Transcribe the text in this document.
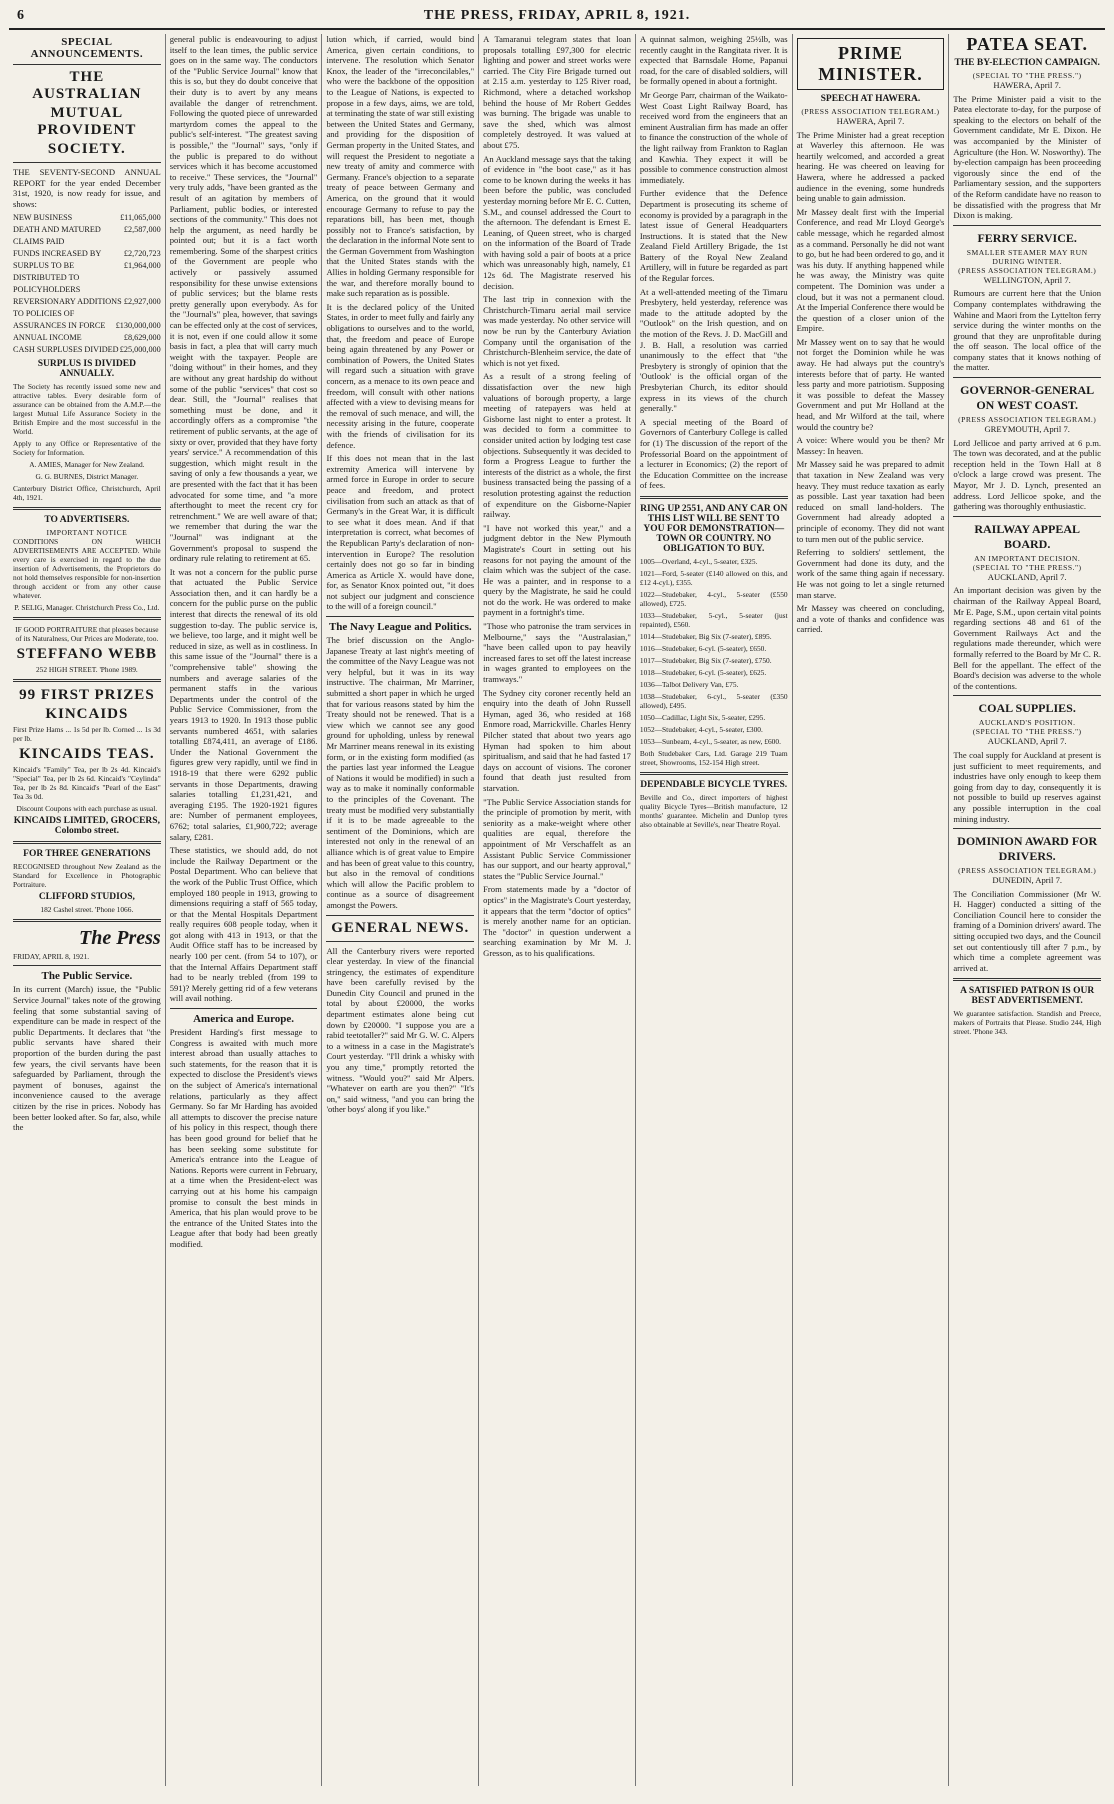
6	THE PRESS, FRIDAY, APRIL 8, 1921.
SPECIAL ANNOUNCEMENTS.
THE AUSTRALIAN
MUTUAL PROVIDENT
SOCIETY.

THE SEVENTY-SECOND ANNUAL REPORT for the year ended December 31st, 1920, is now ready for issue, and shows:

NEW BUSINESS	£11,065,000
DEATH AND MATURED CLAIMS PAID
£2,587,000
FUNDS INCREASED BY	£2,720,723
SURPLUS TO BE DISTRIBUTED TO POLICYHOLDERS
£1,964,000
REVERSIONARY ADDITIONS TO POLICIES OF
£2,927,000
ASSURANCES IN FORCE £130,000,000
ANNUAL INCOME	£8,629,000
CASH SURPLUSES DIVIDED £25,000,000
SURPLUS IS DIVIDED ANNUALLY.

The Society has recently issued some new and attractive tables. Every desirable form of assurance can be obtained from the A.M.P.—the largest Mutual Life Assurance Society in the British Empire and the most successful in the World.

Apply to any Office or Representative of the Society for Information.

A. AMIES, Manager for New Zealand.

G. G. BURNES, District Manager.

Canterbury District Office, Christchurch, April 4th, 1921.

TO ADVERTISERS.
IMPORTANT NOTICE

CONDITIONS ON WHICH ADVERTISEMENTS ARE ACCEPTED. While every care is exercised in regard to the due insertion of Advertisements, the Proprietors do not hold themselves responsible for non-insertion through accident or from any other cause whatever.

P. SELIG, Manager. Christchurch Press Co., Ltd.

IF GOOD PORTRAITURE that pleases because of its Naturalness, Our Prices are Moderate, too.

STEFFANO WEBB

252 HIGH STREET. 'Phone 1989.

99 FIRST PRIZES
KINCAIDS

First Prize Hams ... 1s 5d per lb. Corned ... 1s 3d per lb.

KINCAIDS TEAS.

Kincaid's "Family" Tea, per lb 2s 4d. Kincaid's "Special" Tea, per lb 2s 6d. Kincaid's "Ceylinda" Tea, per lb 2s 8d. Kincaid's "Pearl of the East" Tea 3s 0d.

Discount Coupons with each purchase as usual.

KINCAIDS LIMITED, GROCERS, Colombo street.
FOR THREE GENERATIONS

RECOGNISED throughout New Zealand as the Standard for Excellence in Photographic Portraiture.

CLIFFORD STUDIOS,

182 Cashel street. 'Phone 1066.

The Press

FRIDAY, APRIL 8, 1921.

The Public Service.

In its current (March) issue, the "Public Service Journal" takes note of the growing feeling that some substantial saving of expenditure can be made in respect of the public Departments. It declares that "the public servants have shared their proportion of the burden during the past few years, the civil servants have been safeguarded by Parliament, through the payment of bonuses, against the inconvenience caused to the average citizen by the rise in prices. Nobody has been better looked after. So far, also, while the

general public is endeavouring to adjust itself to the lean times, the public service goes on in the same way. The conductors of the "Public Service Journal" know that this is so, but they do doubt conceive that their duty is to avert by any means available the danger of retrenchment. Following the quoted piece of unrewarded martyrdom comes the appeal to the public's self-interest. "The greatest saving is possible," the "Journal" says, "only if the public is prepared to do without services which it has become accustomed to receive." These services, the "Journal" very truly adds, "have been granted as the result of an agitation by members of Parliament, public bodies, or interested sections of the community." This does not help the argument, as need hardly be pointed out; but it is a fact worth remembering. Some of the sharpest critics of the Government are people who actively or passively assumed responsibility for these unwise extensions of public services; but the blame rests pretty generally upon everybody. As for the "Journal's" plea, however, that savings can be effected only at the cost of services, it is not, even if one could allow it some basis in fact, a plea that will carry much weight with the taxpayer. People are "doing without" in their homes, and they are without any great hardship do without some of the public "services" that cost so dear. Still, the "Journal" realises that something must be done, and it accordingly offers as a compromise "the retirement of public servants, at the age of sixty or over, provided that they have forty years' service." A recommendation of this suggestion, which might result in the saving of only a few thousands a year, we are presented with the fact that it has been advocated for some time, and "a more afterthought to meet the recent cry for retrenchment." We are well aware of that; we remember that during the war the "Journal" was indignant at the Government's proposal to suspend the ordinary rule relating to retirement at 65.

It was not a concern for the public purse that actuated the Public Service Association then, and it can hardly be a concern for the public purse on the public interest that directs the renewal of its old suggestion to-day. The public service is, we believe, too large, and it might well be reduced in size, as well as in costliness. In this same issue of the "Journal" there is a "comprehensive table" showing the numbers and average salaries of the permanent staffs in the various Departments under the control of the Public Service Commissioner, from the years 1913 to 1920. In 1913 those public servants numbered 4651, with salaries totalling £874,411, an average of £186. Under the National Government the figures grew very rapidly, until we find in 1918-19 that there were 6292 public servants in those Departments, drawing salaries totalling £1,231,421, and averaging £195. The 1920-1921 figures are: Number of permanent employees, 6762; total salaries, £1,900,722; average salary, £281.

These statistics, we should add, do not include the Railway Department or the Postal Department. Who can believe that the work of the Public Trust Office, which employed 180 people in 1913, growing to dimensions requiring a staff of 565 today, or that the Mental Hospitals Department really requires 608 people today, when it got along with 413 in 1913, or that the Audit Office staff has to be increased by nearly 100 per cent. (from 54 to 107), or that the Internal Affairs Department staff had to be nearly trebled (from 199 to 591)? Merely getting rid of a few veterans will avail nothing.

America and Europe.

President Harding's first message to Congress is awaited with much more interest abroad than usually attaches to such statements, for the reason that it is expected to disclose the President's views on the subject of America's international relations, particularly as they affect Germany. So far Mr Harding has avoided all attempts to discover the precise nature of his policy in this respect, though there has been good ground for belief that he has been seeking some substitute for America's entrance into the League of Nations. Reports were current in February, at a time when the President-elect was carrying out at his home his campaign promise to consult the best minds in America, that his plan would prove to be the entrance of the United States into the League after that body had been greatly modified.

lution which, if carried, would bind America, given certain conditions, to intervene. The resolution which Senator Knox, the leader of the "irreconcilables," who were the backbone of the opposition to the League of Nations, is expected to propose in a few days, aims, we are told, at terminating the state of war still existing between the United States and Germany, and providing for the disposition of German property in the United States, and will request the President to negotiate a new treaty of amity and commerce with Germany. France's objection to a separate treaty of peace between Germany and America, on the ground that it would encourage Germany to refuse to pay the reparations bill, has been met, though possibly not to France's satisfaction, by the declaration in the informal Note sent to the German Government from Washington that the United States stands with the Allies in holding Germany responsible for the war, and therefore morally bound to make such reparation as is possible.

It is the declared policy of the United States, in order to meet fully and fairly any obligations to ourselves and to the world, that, the freedom and peace of Europe being again threatened by any Power or combination of Powers, the United States will regard such a situation with grave concern, as a menace to its own peace and freedom, will consult with other nations affected with a view to devising means for the removal of such menace, and will, the necessity arising in the future, cooperate with the friends of civilisation for its defence.

If this does not mean that in the last extremity America will intervene by armed force in Europe in order to secure peace and freedom, and protect civilisation from such an attack as that of Germany's in the Great War, it is difficult to see what it does mean. And if that interpretation is correct, what becomes of the Republican Party's declaration of non-intervention in Europe? The resolution certainly does not go so far in binding America as Article X. would have done, for, as Senator Knox pointed out, "it does not subject our judgment and conscience to the will of a foreign council."

The Navy League and Politics.

The brief discussion on the Anglo-Japanese Treaty at last night's meeting of the committee of the Navy League was not very helpful, but it was in its way instructive. The chairman, Mr Marriner, submitted a short paper in which he urged that for various reasons stated by him the Treaty should not be renewed. That is a view which we cannot see any good ground for upholding, unless by renewal Mr Marriner means renewal in its existing form, or in the existing form modified (as the parties last year informed the League of Nations it would be modified) in such a way as to make it nominally conformable to the principles of the Covenant. The treaty must be modified very substantially if it is to be made agreeable to the sentiment of the Dominions, which are interested not only in the renewal of an alliance which is of great value to Empire and has been of great value to this country, but also in the removal of conditions which will allow the Pacific problem to continue as a source of disagreement amongst the Powers.

GENERAL NEWS.

All the Canterbury rivers were reported clear yesterday. In view of the financial stringency, the estimates of expenditure have been carefully revised by the Dunedin City Council and pruned in the total by about £20000, the works department estimates alone being cut down by £20000. "I suppose you are a rabid teetotaller?" said Mr G. W. C. Alpers to a witness in a case in the Magistrate's Court yesterday. "I'll drink a whisky with you any time," promptly retorted the witness. "Would you?" said Mr Alpers. "Whatever on earth are you then?" "It's on," said witness, "and you can bring the 'other boys' along if you like."

A Tamaranui telegram states that loan proposals totalling £97,300 for electric lighting and power and street works were carried. The City Fire Brigade turned out at 2.15 a.m. yesterday to 125 River road, Richmond, where a detached workshop behind the house of Mr Robert Geddes was burning. The brigade was unable to save the shed, which was almost completely destroyed. It was valued at about £75.

An Auckland message says that the taking of evidence in "the boot case," as it has come to be known during the weeks it has been before the public, was concluded yesterday morning before Mr E. C. Cutten, S.M., and counsel addressed the Court to the afternoon. The defendant is Ernest E. Leaning, of Queen street, who is charged on the information of the Board of Trade with having sold a pair of boots at a price which was unreasonably high, namely, £1 12s 6d. The Magistrate reserved his decision.

The last trip in connexion with the Christchurch-Timaru aerial mail service was made yesterday. No other service will now be run by the Canterbury Aviation Company until the organisation of the Christchurch-Blenheim service, the date of which is not yet fixed.

As a result of a strong feeling of dissatisfaction over the new high valuations of borough property, a large meeting of ratepayers was held at Gisborne last night to enter a protest. It was decided to form a committee to consider united action by lodging test case objections. Subsequently it was decided to form a Progress League to further the interests of the district as a whole, the first business transacted being the passing of a resolution protesting against the reduction of expenditure on the Gisborne-Napier railway.

"I have not worked this year," and a judgment debtor in the New Plymouth Magistrate's Court in setting out his reasons for not paying the amount of the claim which was the subject of the case. He was a painter, and in response to a query by the Magistrate, he said he could not do the work. He was ordered to make payment in a fortnight's time.

"Those who patronise the tram services in Melbourne," says the "Australasian," "have been called upon to pay heavily increased fares to set off the latest increase in wages granted to employees on the tramways."

The Sydney city coroner recently held an enquiry into the death of John Russell Hyman, aged 36, who resided at 168 Enmore road, Marrickville. Charles Henry Pilcher stated that about two years ago Hyman had spoken to him about spiritualism, and said that he had fasted 17 days on account of visions. The coroner found that death just resulted from starvation.

"The Public Service Association stands for the principle of promotion by merit, with seniority as a make-weight where other qualities are equal, therefore the appointment of Mr Verschaffelt as an Assistant Public Service Commissioner has our support, and our hearty approval," states the "Public Service Journal."

From statements made by a "doctor of optics" in the Magistrate's Court yesterday, it appears that the term "doctor of optics" is merely another name for an optician. The "doctor" in question underwent a searching examination by Mr M. J. Gresson, as to his qualifications.

A quinnat salmon, weighing 25½lb, was recently caught in the Rangitata river. It is expected that Barnsdale Home, Papanui road, for the care of disabled soldiers, will be formally opened in about a fortnight.

Mr George Parr, chairman of the Waikato-West Coast Light Railway Board, has received word from the engineers that an eminent Australian firm has made an offer to finance the construction of the whole of the light railway from Frankton to Raglan and Kawhia. They expect it will be possible to commence construction almost immediately.

Further evidence that the Defence Department is prosecuting its scheme of economy is provided by a paragraph in the latest issue of General Headquarters Instructions. It is stated that the New Zealand Field Artillery Brigade, the 1st Battery of the Royal New Zealand Artillery, will in future be regarded as part of the Regular forces.

At a well-attended meeting of the Timaru Presbytery, held yesterday, reference was made to the attitude adopted by the "Outlook" on the Irish question, and on the motion of the Revs. J. D. MacGill and J. B. Hall, a resolution was carried unanimously to the effect that "the Presbytery is strongly of opinion that the 'Outlook' is the official organ of the Presbyterian Church, its editor should express in its views of the church generally."

A special meeting of the Board of Governors of Canterbury College is called for (1) The discussion of the report of the Professorial Board on the appointment of a lecturer in Economics; (2) the report of the Education Committee on the increase of fees.

RING UP 2551, AND ANY CAR ON THIS LIST WILL BE SENT TO YOU FOR DEMONSTRATION—TOWN OR COUNTRY. NO OBLIGATION TO BUY.

1005—Overland, 4-cyl., 5-seater, £325.

1021—Ford, 5-seater (£140 allowed on this, and £12 4-cyl.), £355.

1022—Studebaker, 4-cyl., 5-seater (£550 allowed), £725.

1033—Studebaker, 5-cyl., 5-seater (just repainted), £560.

1014—Studebaker, Big Six (7-seater), £895.

1016—Studebaker, 6-cyl. (5-seater), £650.

1017—Studebaker, Big Six (7-seater), £750.

1018—Studebaker, 6-cyl. (5-seater), £625.

1036—Talbot Delivery Van, £75.

1038—Studebaker, 6-cyl., 5-seater (£350 allowed), £495.

1050—Cadillac, Light Six, 5-seater, £295.

1052—Studebaker, 4-cyl., 5-seater, £300.

1053—Sunbeam, 4-cyl., 5-seater, as new, £600.

Both Studebaker Cars, Ltd. Garage 219 Tuam street, Showrooms, 152-154 High street.

DEPENDABLE BICYCLE TYRES.

Beville and Co., direct importers of highest quality Bicycle Tyres—British manufacture, 12 months' guarantee. Michelin and Dunlop tyres also obtainable at Seville's, near Theatre Royal.

PRIME MINISTER.
SPEECH AT HAWERA.
(PRESS ASSOCIATION TELEGRAM.)

HAWERA, April 7.

The Prime Minister had a great reception at Waverley this afternoon. He was heartily welcomed, and accorded a great hearing. He was cheered on leaving for Hawera, where he addressed a packed audience in the evening, some hundreds being unable to gain admission.

Mr Massey dealt first with the Imperial Conference, and read Mr Lloyd George's cable message, which he regarded almost as a command. Personally he did not want to go, but he had been ordered to go, and it was his duty. If anything happened while he was away, the Ministry was quite competent. The Dominion was under a cloud, but it was not a permanent cloud. At the Imperial Conference there would be the question of a closer union of the Empire.

Mr Massey went on to say that he would not forget the Dominion while he was away. He had always put the country's interests before that of party. He wanted less party and more patriotism. Supposing it was possible to defeat the Massey Government and put Mr Holland at the head, and Mr Wilford at the tail, where would the country be?

A voice: Where would you be then? Mr Massey: In heaven.

Mr Massey said he was prepared to admit that taxation in New Zealand was very heavy. They must reduce taxation as early as possible. Last year taxation had been reduced on small land-holders. The Government had already adopted a principle of economy. They did not want to turn men out of the public service.

Referring to soldiers' settlement, the Government had done its duty, and the work of the same thing again if necessary. He was not going to let a single returned man starve.

Mr Massey was cheered on concluding, and a vote of thanks and confidence was carried.

PATEA SEAT.
THE BY-ELECTION CAMPAIGN.
(SPECIAL TO "THE PRESS.")

HAWERA, April 7.

The Prime Minister paid a visit to the Patea electorate to-day, for the purpose of speaking to the electors on behalf of the Government candidate, Mr E. Dixon. He was accompanied by the Minister of Agriculture (the Hon. W. Nosworthy). The by-election campaign has been proceeding vigorously since the end of the Parliamentary session, and the supporters of the Reform candidate have no reason to be dissatisfied with the progress that Mr Dixon is making.

FERRY SERVICE.
SMALLER STEAMER MAY RUN DURING WINTER.
(PRESS ASSOCIATION TELEGRAM.)

WELLINGTON, April 7.

Rumours are current here that the Union Company contemplates withdrawing the Wahine and Maori from the Lyttelton ferry service during the winter months on the ground that they are unprofitable during the off season. The local office of the company states that it knows nothing of the matter.

GOVERNOR-GENERAL ON WEST COAST.
(PRESS ASSOCIATION TELEGRAM.)

GREYMOUTH, April 7.

Lord Jellicoe and party arrived at 6 p.m. The town was decorated, and at the public reception held in the Town Hall at 8 o'clock a large crowd was present. The Mayor, Mr J. D. Lynch, presented an address. Lord Jellicoe spoke, and the gathering was thoroughly enthusiastic.

RAILWAY APPEAL BOARD.
AN IMPORTANT DECISION.
(SPECIAL TO "THE PRESS.")

AUCKLAND, April 7.

An important decision was given by the chairman of the Railway Appeal Board, Mr E. Page, S.M., upon certain vital points regarding sections 48 and 61 of the Government Railways Act and the regulations made thereunder, which were formally referred to the Board by Mr C. R. Bell for the appellant. The effect of the Board's decision was adverse to the whole of the contentions.

COAL SUPPLIES.
AUCKLAND'S POSITION.
(SPECIAL TO "THE PRESS.")

AUCKLAND, April 7.

The coal supply for Auckland at present is just sufficient to meet requirements, and industries have only enough to keep them going from day to day, consequently it is not possible to build up reserves against any possible interruption in the coal mining industry.

DOMINION AWARD FOR DRIVERS.
(PRESS ASSOCIATION TELEGRAM.)

DUNEDIN, April 7.

The Conciliation Commissioner (Mr W. H. Hagger) conducted a sitting of the Conciliation Council here to consider the framing of a Dominion drivers' award. The sitting occupied two days, and the Council set out contentiously till after 7 p.m., by which time a complete agreement was arrived at.

A SATISFIED PATRON IS OUR BEST ADVERTISEMENT.

We guarantee satisfaction. Standish and Preece, makers of Portraits that Please. Studio 244, High street. 'Phone 343.
